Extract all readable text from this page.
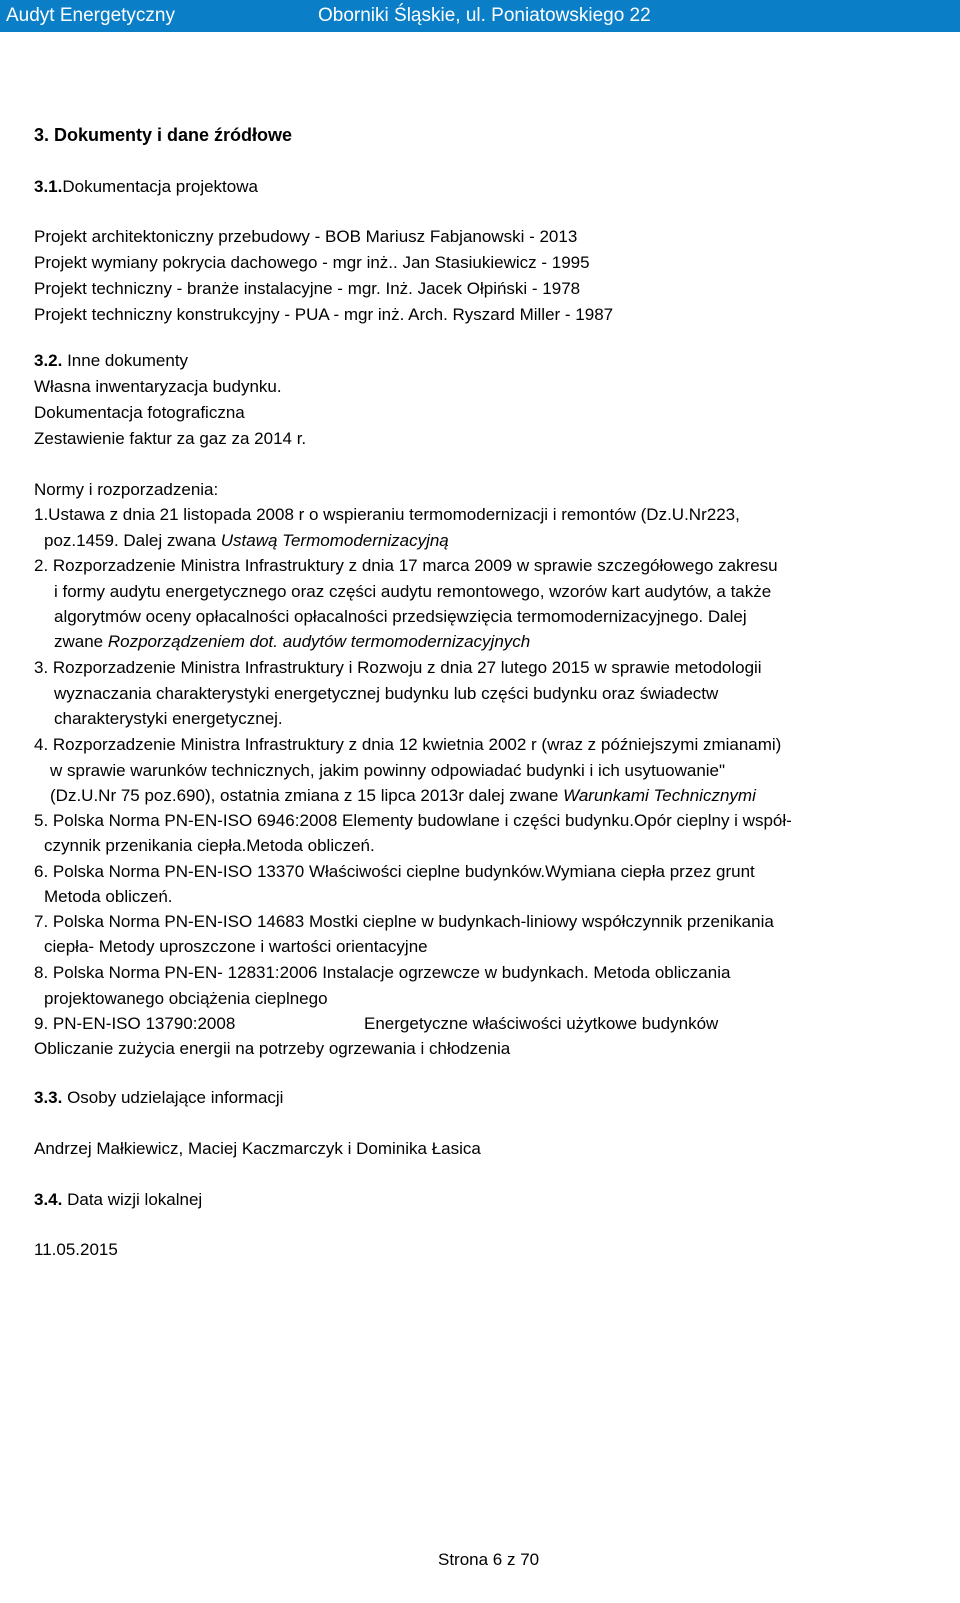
Audyt Energetyczny	Oborniki Śląskie, ul. Poniatowskiego 22
3. Dokumenty i dane źródłowe
3.1.Dokumentacja projektowa
Projekt architektoniczny przebudowy - BOB Mariusz Fabjanowski - 2013
Projekt wymiany pokrycia dachowego - mgr inż.. Jan Stasiukiewicz - 1995
Projekt techniczny - branże instalacyjne - mgr. Inż. Jacek Ołpiński - 1978
Projekt techniczny konstrukcyjny - PUA - mgr inż. Arch. Ryszard Miller - 1987
3.2. Inne dokumenty
Własna inwentaryzacja budynku.
Dokumentacja fotograficzna
Zestawienie faktur za gaz za 2014 r.
Normy i rozporzadzenia:
1.Ustawa z dnia 21 listopada 2008 r o wspieraniu termomodernizacji i remontów (Dz.U.Nr223,
poz.1459. Dalej zwana Ustawą Termomodernizacyjną
2. Rozporzadzenie Ministra Infrastruktury z dnia 17 marca 2009 w sprawie szczegółowego zakresu
i formy audytu energetycznego oraz części audytu remontowego, wzorów kart audytów, a także
algorytmów oceny opłacalności opłacalności przedsięwzięcia termomodernizacyjnego. Dalej
zwane Rozporządzeniem dot. audytów termomodernizacyjnych
3. Rozporzadzenie Ministra Infrastruktury i Rozwoju z dnia 27 lutego 2015 w sprawie metodologii
wyznaczania charakterystyki energetycznej budynku lub części budynku oraz świadectw
charakterystyki energetycznej.
4. Rozporzadzenie Ministra Infrastruktury z dnia 12 kwietnia 2002 r (wraz z późniejszymi zmianami)
w sprawie warunków technicznych, jakim powinny odpowiadać budynki i ich usytuowanie"
(Dz.U.Nr 75 poz.690), ostatnia zmiana z 15 lipca 2013r dalej zwane Warunkami Technicznymi
5. Polska Norma PN-EN-ISO 6946:2008 Elementy budowlane i części budynku.Opór cieplny i współ-
czynnik przenikania ciepła.Metoda obliczeń.
6. Polska Norma PN-EN-ISO 13370 Właściwości cieplne budynków.Wymiana ciepła przez grunt
Metoda obliczeń.
7. Polska Norma PN-EN-ISO 14683 Mostki cieplne w budynkach-liniowy współczynnik przenikania
ciepła- Metody uproszczone i wartości orientacyjne
8. Polska Norma PN-EN- 12831:2006 Instalacje ogrzewcze w budynkach. Metoda obliczania
projektowanego obciążenia cieplnego
9. PN-EN-ISO 13790:2008	Energetyczne właściwości użytkowe budynków
Obliczanie zużycia energii na potrzeby ogrzewania i chłodzenia
3.3. Osoby udzielające informacji
Andrzej Małkiewicz, Maciej Kaczmarczyk i Dominika Łasica
3.4. Data wizji lokalnej
11.05.2015
Strona 6 z 70
